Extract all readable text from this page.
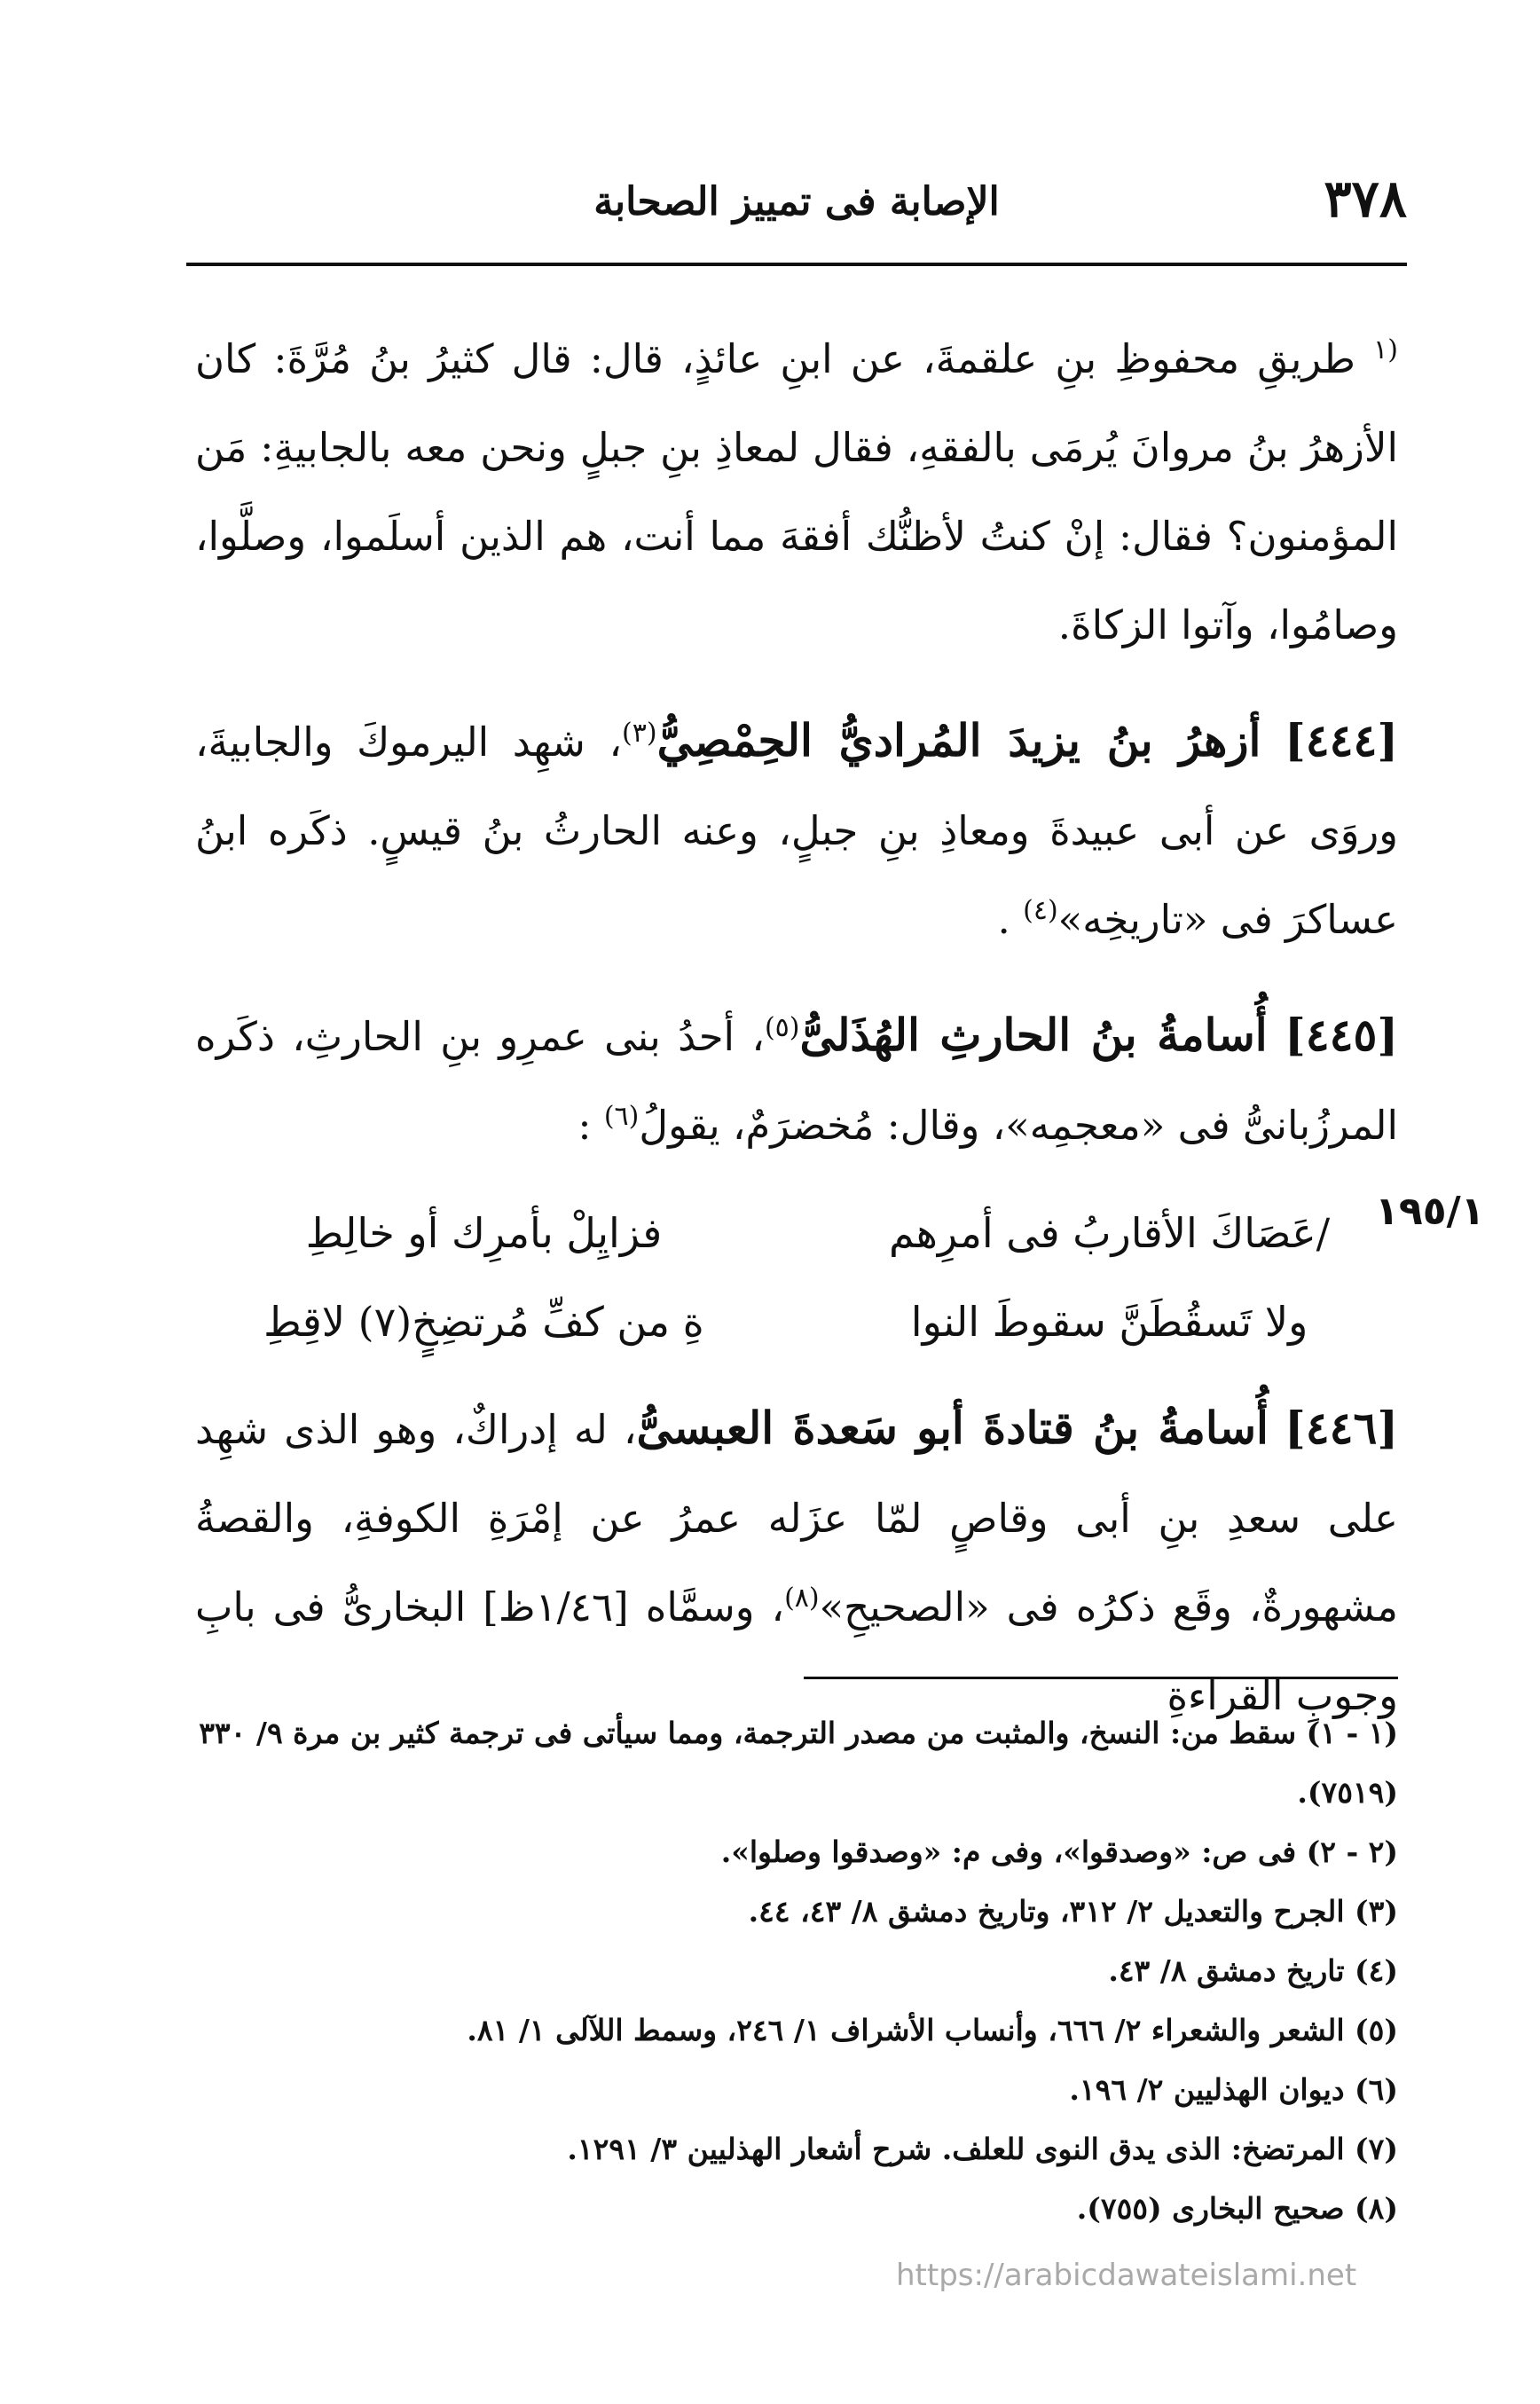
٣٧٨
الإصابة فى تمييز الصحابة

$^{(١}$ طريقِ محفوظِ بنِ علقمةَ، عن ابنِ عائذٍ، قال: قال كثيرُ بنُ مُرَّةَ: كان الأزهرُ بنُ مروانَ يُرمَى بالفقهِ، فقال لمعاذِ بنِ جبلٍ ونحن معه بالجابيةِ: مَن المؤمنون؟ فقال: إنْ كنتُ لأظنُّك أفقهَ مما أنت، هم الذين أسلَموا، وصلَّوا، وصامُوا، وآتوا الزكاةَ.

[٤٤٤] أزهرُ بنُ يزيدَ المُراديُّ الحِمْصِيُّ$^{(٣)}$، شهِد اليرموكَ والجابيةَ، وروَى عن أبى عبيدةَ ومعاذِ بنِ جبلٍ، وعنه الحارثُ بنُ قيسٍ. ذكَره ابنُ عساكرَ فى «تاريخِه»$^{(٤)}$ .

[٤٤٥] أُسامةُ بنُ الحارثِ الهُذَلىُّ$^{(٥)}$، أحدُ بنى عمرِو بنِ الحارثِ، ذكَره المرزُبانىُّ فى «معجمِه»، وقال: مُخضرَمٌ، يقولُ$^{(٦)}$ :

١٩٥/١
/عَصَاكَ الأقاربُ فى أمرِهم
فزايِلْ بأمرِك أو خالِطِ
ولا تَسقُطَنَّ سقوطَ النوا
ةِ من كفِّ مُرتضِخٍ(٧) لاقِطِ

[٤٤٦] أُسامةُ بنُ قتادةَ أبو سَعدةَ العبسىُّ، له إدراكٌ، وهو الذى شهِد على سعدِ بنِ أبى وقاصٍ لمّا عزَله عمرُ عن إمْرَةِ الكوفةِ، والقصةُ مشهورةٌ، وقَع ذكرُه فى «الصحيحِ»$^{(٨)}$، وسمَّاه [١/٤٦ظ] البخارىُّ فى بابِ وجوبِ القراءةِ

(١ - ١) سقط من: النسخ، والمثبت من مصدر الترجمة، ومما سيأتى فى ترجمة كثير بن مرة ٩/ ٣٣٠ (٧٥١٩).

(٢ - ٢) فى ص: «وصدقوا»، وفى م: «وصدقوا وصلوا».

(٣) الجرح والتعديل ٢/ ٣١٢، وتاريخ دمشق ٨/ ٤٣، ٤٤.

(٤) تاريخ دمشق ٨/ ٤٣.

(٥) الشعر والشعراء ٢/ ٦٦٦، وأنساب الأشراف ١/ ٢٤٦، وسمط اللآلى ١/ ٨١.

(٦) ديوان الهذليين ٢/ ١٩٦.

(٧) المرتضخ: الذى يدق النوى للعلف. شرح أشعار الهذليين ٣/ ١٢٩١.

(٨) صحيح البخارى (٧٥٥).

https://arabicdawateislami.net
